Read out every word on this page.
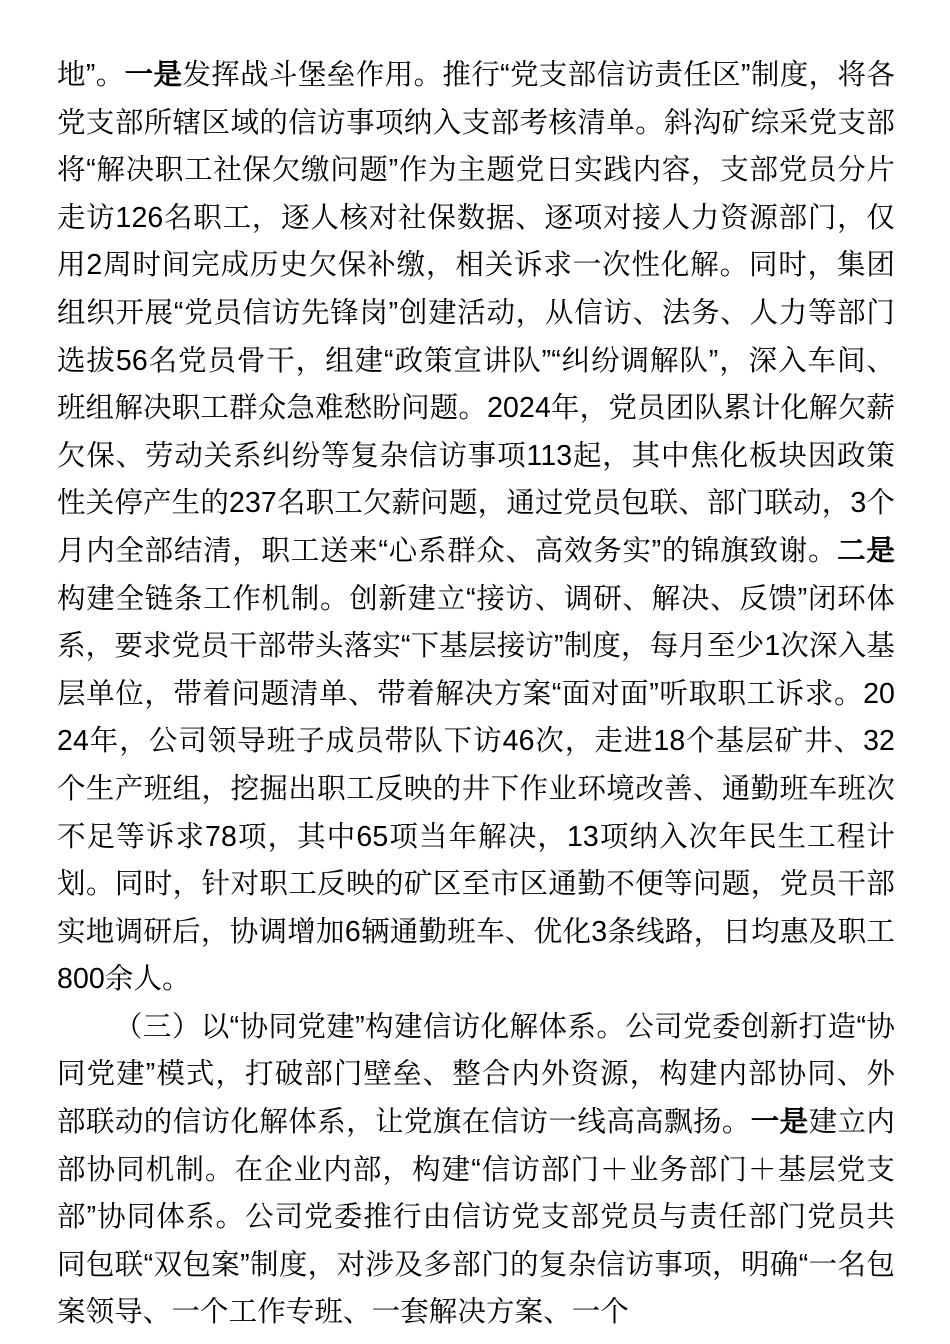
地”。一是发挥战斗堡垒作用。推行“党支部信访责任区”制度，将各党支部所辖区域的信访事项纳入支部考核清单。斜沟矿综采党支部将“解决职工社保欠缴问题”作为主题党日实践内容，支部党员分片走访126名职工，逐人核对社保数据、逐项对接人力资源部门，仅用2周时间完成历史欠保补缴，相关诉求一次性化解。同时，集团组织开展“党员信访先锋岗”创建活动，从信访、法务、人力等部门选拔56名党员骨干，组建“政策宣讲队”“纠纷调解队”，深入车间、班组解决职工群众急难愁盼问题。2024年，党员团队累计化解欠薪欠保、劳动关系纠纷等复杂信访事项113起，其中焦化板块因政策性关停产生的237名职工欠薪问题，通过党员包联、部门联动，3个月内全部结清，职工送来“心系群众、高效务实”的锦旗致谢。二是构建全链条工作机制。创新建立“接访、调研、解决、反馈”闭环体系，要求党员干部带头落实“下基层接访”制度，每月至少1次深入基层单位，带着问题清单、带着解决方案“面对面”听取职工诉求。2024年，公司领导班子成员带队下访46次，走进18个基层矿井、32个生产班组，挖掘出职工反映的井下作业环境改善、通勤班车班次不足等诉求78项，其中65项当年解决，13项纳入次年民生工程计划。同时，针对职工反映的矿区至市区通勤不便等问题，党员干部实地调研后，协调增加6辆通勤班车、优化3条线路，日均惠及职工800余人。

（三）以“协同党建”构建信访化解体系。公司党委创新打造“协同党建”模式，打破部门壁垒、整合内外资源，构建内部协同、外部联动的信访化解体系，让党旗在信访一线高高飘扬。一是建立内部协同机制。在企业内部，构建“信访部门＋业务部门＋基层党支部”协同体系。公司党委推行由信访党支部党员与责任部门党员共同包联“双包案”制度，对涉及多部门的复杂信访事项，明确“一名包案领导、一个工作专班、一套解决方案、一个
